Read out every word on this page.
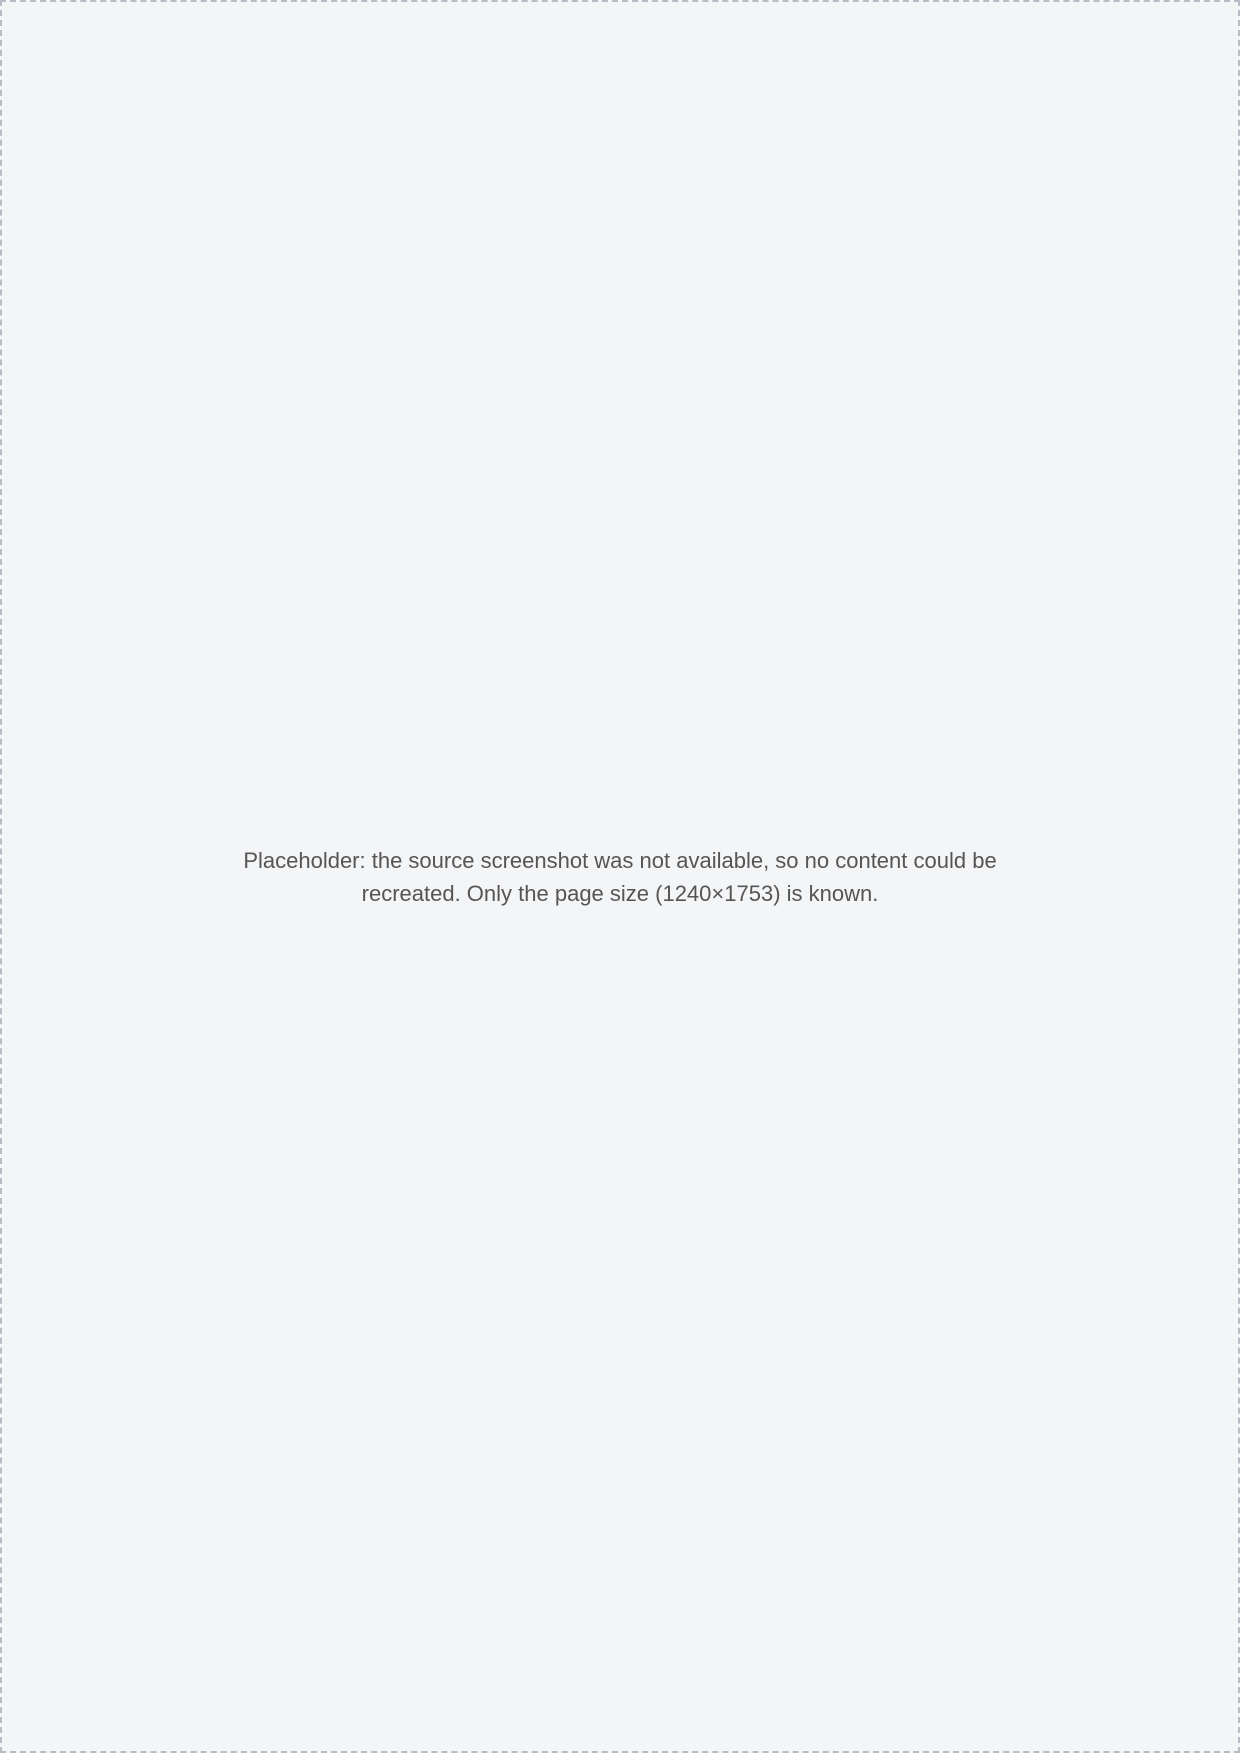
Placeholder: the source screenshot was not available, so no content could be recreated. Only the page size (1240×1753) is known.
